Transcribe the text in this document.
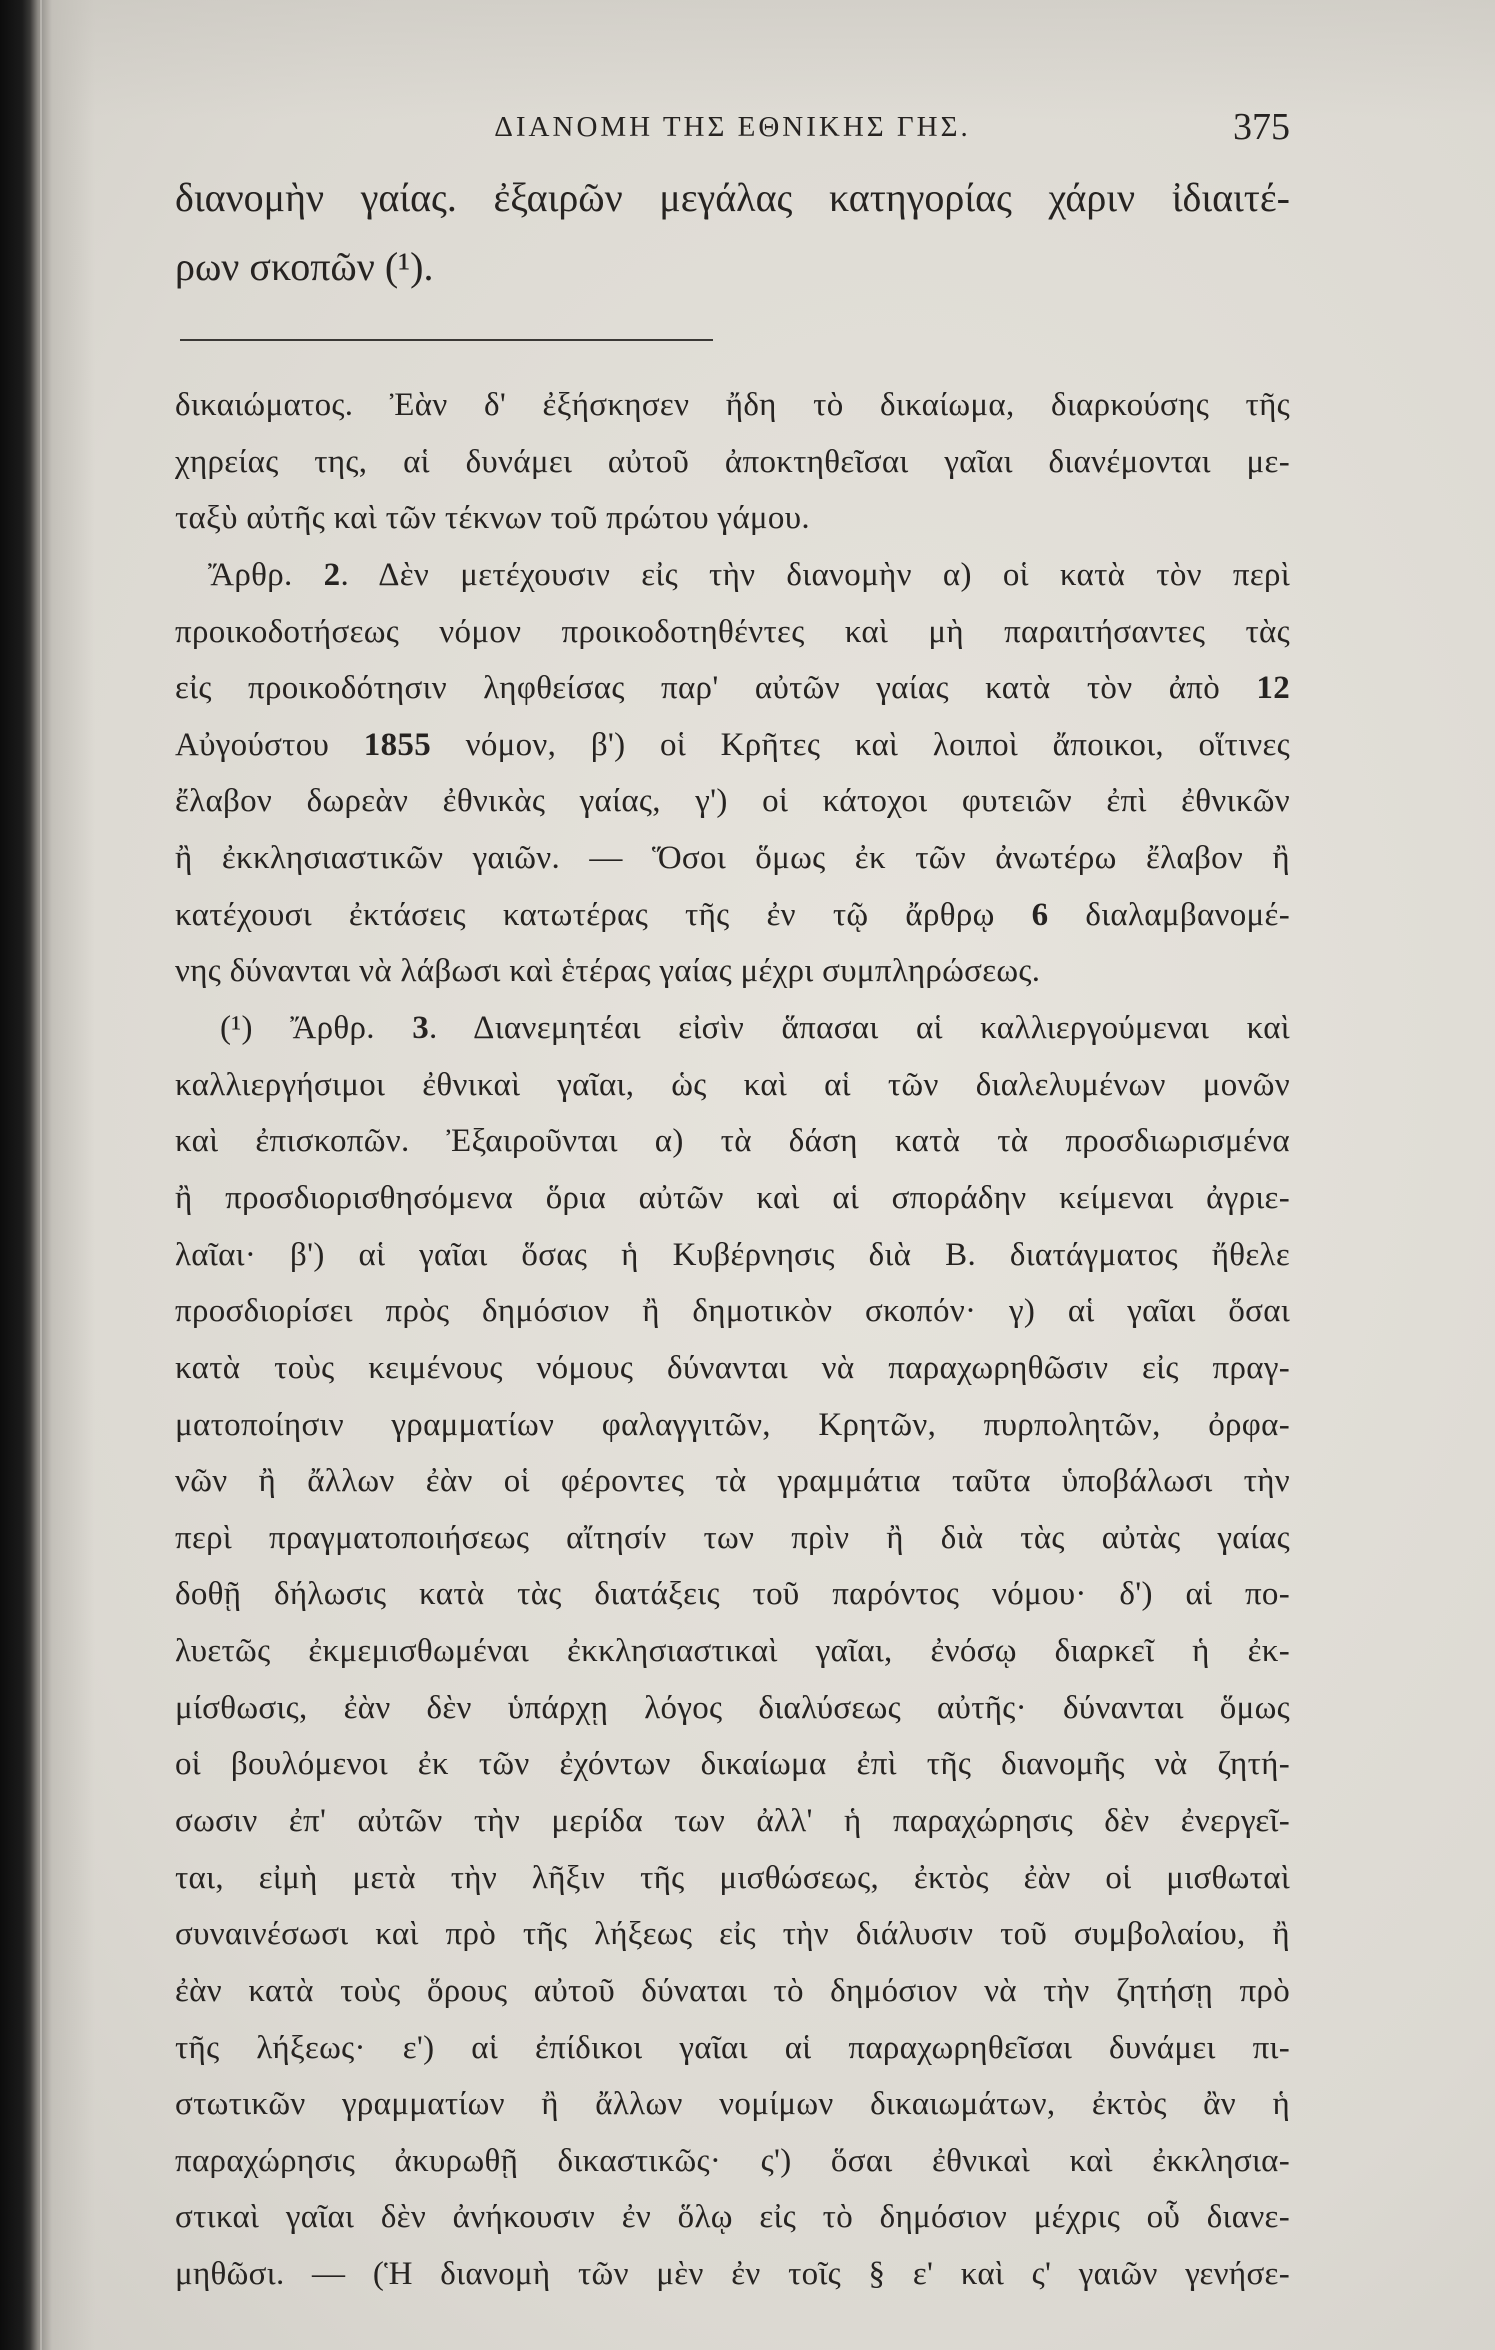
ΔΙΑΝΟΜΗ ΤΗΣ ΕΘΝΙΚΗΣ ΓΗΣ.	375
διανομὴν γαίας. ἐξαιρῶν μεγάλας κατηγορίας χάριν ἰδιαιτέ-
ρων σκοπῶν (¹).
δικαιώματος. Ἐὰν δ' ἐξήσκησεν ἤδη τὸ δικαίωμα, διαρκούσης τῆς
χηρείας της, αἱ δυνάμει αὐτοῦ ἀποκτηθεῖσαι γαῖαι διανέμονται με-
ταξὺ αὐτῆς καὶ τῶν τέκνων τοῦ πρώτου γάμου.
Ἄρθρ. 2. Δὲν μετέχουσιν εἰς τὴν διανομὴν α) οἱ κατὰ τὸν περὶ
προικοδοτήσεως νόμον προικοδοτηθέντες καὶ μὴ παραιτήσαντες τὰς
εἰς προικοδότησιν ληφθείσας παρ' αὐτῶν γαίας κατὰ τὸν ἀπὸ 12
Αὐγούστου 1855 νόμον, β') οἱ Κρῆτες καὶ λοιποὶ ἄποικοι, οἵτινες
ἔλαβον δωρεὰν ἐθνικὰς γαίας, γ') οἱ κάτοχοι φυτειῶν ἐπὶ ἐθνικῶν
ἢ ἐκκλησιαστικῶν γαιῶν. — Ὅσοι ὅμως ἐκ τῶν ἀνωτέρω ἔλαβον ἢ
κατέχουσι ἐκτάσεις κατωτέρας τῆς ἐν τῷ ἄρθρῳ 6 διαλαμβανομέ-
νης δύνανται νὰ λάβωσι καὶ ἑτέρας γαίας μέχρι συμπληρώσεως.
(¹) Ἄρθρ. 3. Διανεμητέαι εἰσὶν ἅπασαι αἱ καλλιεργούμεναι καὶ
καλλιεργήσιμοι ἐθνικαὶ γαῖαι, ὡς καὶ αἱ τῶν διαλελυμένων μονῶν
καὶ ἐπισκοπῶν. Ἐξαιροῦνται α) τὰ δάση κατὰ τὰ προσδιωρισμένα
ἢ προσδιορισθησόμενα ὅρια αὐτῶν καὶ αἱ σποράδην κείμεναι ἀγριε-
λαῖαι· β') αἱ γαῖαι ὅσας ἡ Κυβέρνησις διὰ Β. διατάγματος ἤθελε
προσδιορίσει πρὸς δημόσιον ἢ δημοτικὸν σκοπόν· γ) αἱ γαῖαι ὅσαι
κατὰ τοὺς κειμένους νόμους δύνανται νὰ παραχωρηθῶσιν εἰς πραγ-
ματοποίησιν γραμματίων φαλαγγιτῶν, Κρητῶν, πυρπολητῶν, ὀρφα-
νῶν ἢ ἄλλων ἐὰν οἱ φέροντες τὰ γραμμάτια ταῦτα ὑποβάλωσι τὴν
περὶ πραγματοποιήσεως αἴτησίν των πρὶν ἢ διὰ τὰς αὐτὰς γαίας
δοθῇ δήλωσις κατὰ τὰς διατάξεις τοῦ παρόντος νόμου· δ') αἱ πο-
λυετῶς ἐκμεμισθωμέναι ἐκκλησιαστικαὶ γαῖαι, ἐνόσῳ διαρκεῖ ἡ ἐκ-
μίσθωσις, ἐὰν δὲν ὑπάρχῃ λόγος διαλύσεως αὐτῆς· δύνανται ὅμως
οἱ βουλόμενοι ἐκ τῶν ἐχόντων δικαίωμα ἐπὶ τῆς διανομῆς νὰ ζητή-
σωσιν ἐπ' αὐτῶν τὴν μερίδα των ἀλλ' ἡ παραχώρησις δὲν ἐνεργεῖ-
ται, εἰμὴ μετὰ τὴν λῆξιν τῆς μισθώσεως, ἐκτὸς ἐὰν οἱ μισθωταὶ
συναινέσωσι καὶ πρὸ τῆς λήξεως εἰς τὴν διάλυσιν τοῦ συμβολαίου, ἢ
ἐὰν κατὰ τοὺς ὅρους αὐτοῦ δύναται τὸ δημόσιον νὰ τὴν ζητήσῃ πρὸ
τῆς λήξεως· ε') αἱ ἐπίδικοι γαῖαι αἱ παραχωρηθεῖσαι δυνάμει πι-
στωτικῶν γραμματίων ἢ ἄλλων νομίμων δικαιωμάτων, ἐκτὸς ἂν ἡ
παραχώρησις ἀκυρωθῇ δικαστικῶς· ς') ὅσαι ἐθνικαὶ καὶ ἐκκλησια-
στικαὶ γαῖαι δὲν ἀνήκουσιν ἐν ὅλῳ εἰς τὸ δημόσιον μέχρις οὗ διανε-
μηθῶσι. — (Ἡ διανομὴ τῶν μὲν ἐν τοῖς § ε' καὶ ς' γαιῶν γενήσε-
